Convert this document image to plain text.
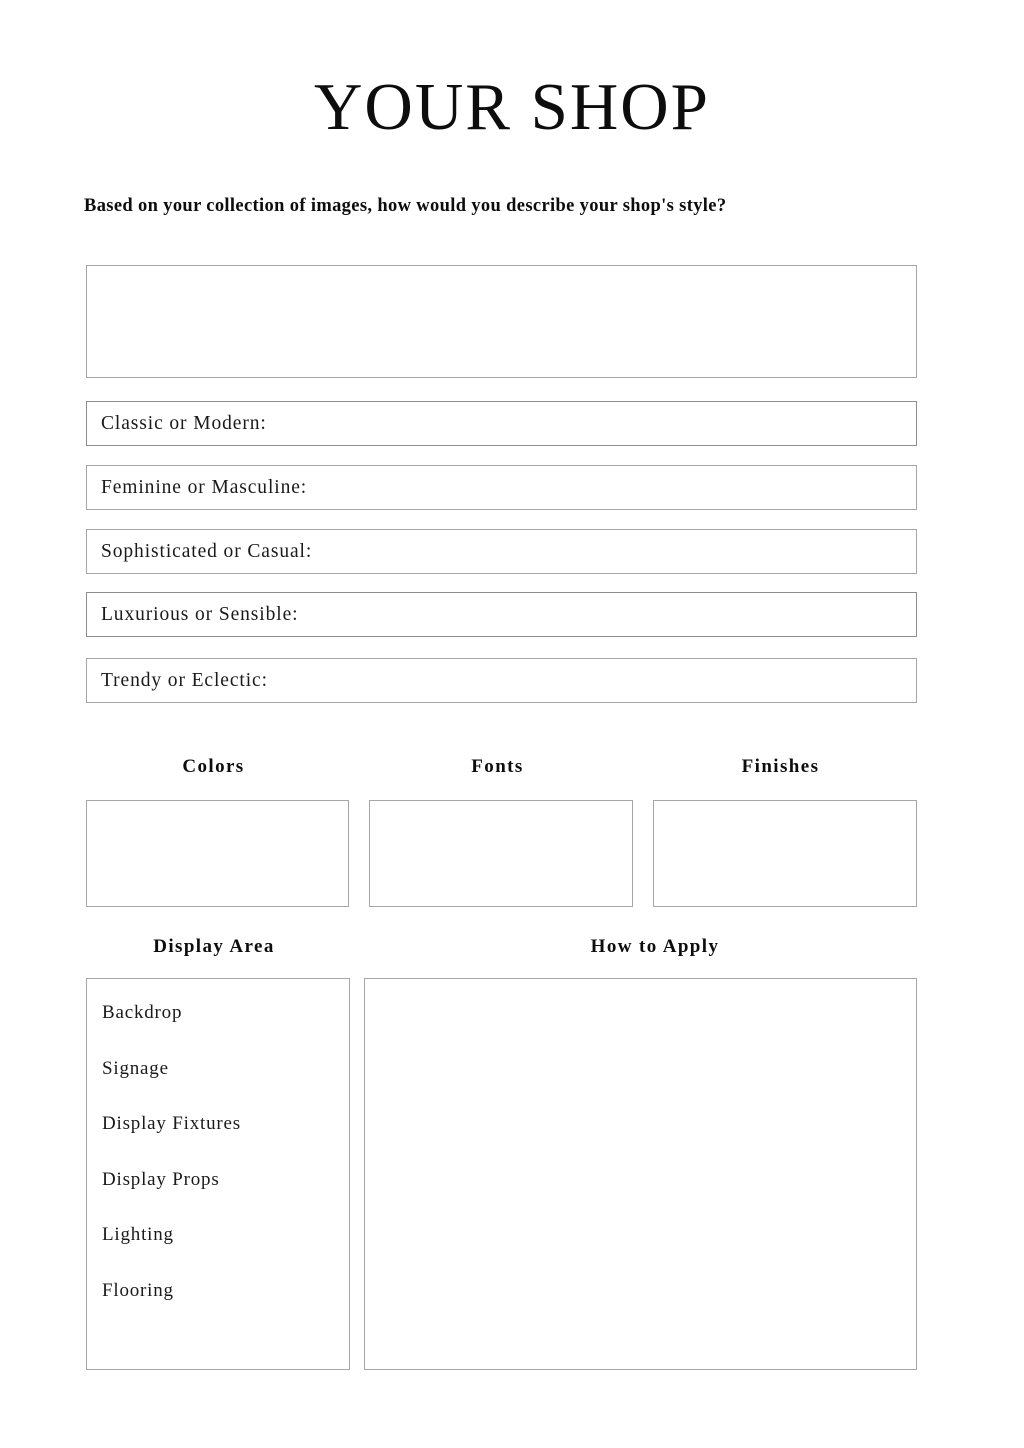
YOUR SHOP

Based on your collection of images, how would you describe your shop's style?

Classic or Modern:
Feminine or Masculine:
Sophisticated or Casual:
Luxurious or Sensible:
Trendy or Eclectic:
Colors	Fonts	Finishes
Display Area	How to Apply
Backdrop
Signage
Display Fixtures
Display Props
Lighting
Flooring
